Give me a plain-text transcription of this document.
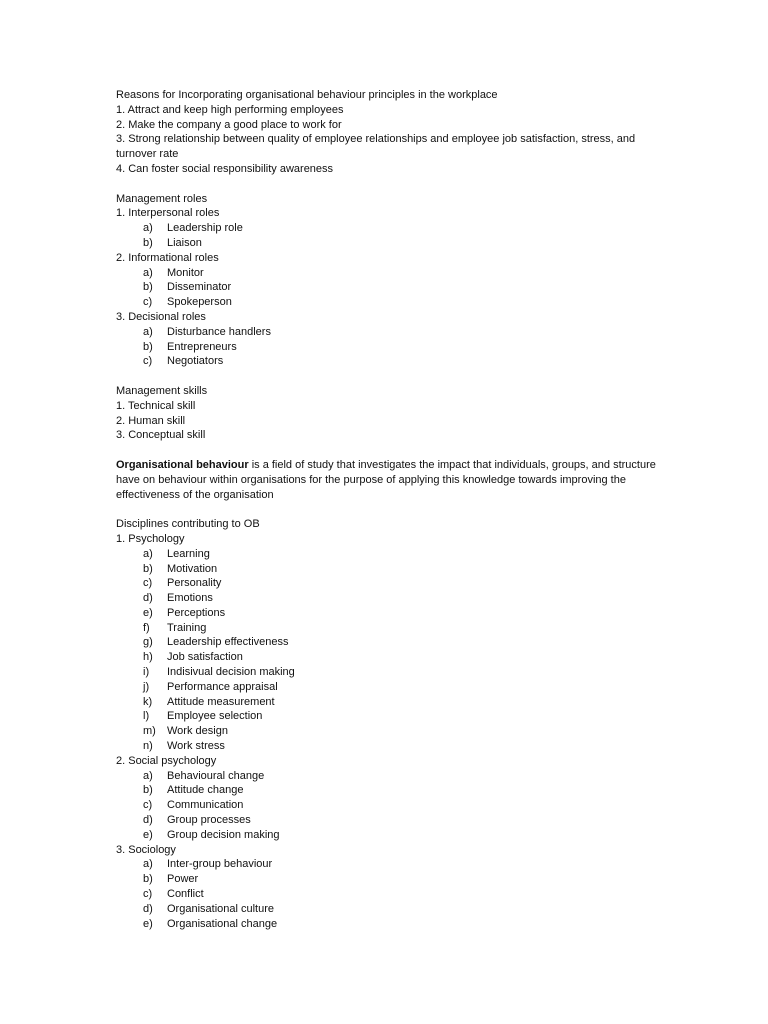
Reasons for Incorporating organisational behaviour principles in the workplace
1. Attract and keep high performing employees
2. Make the company a good place to work for
3. Strong relationship between quality of employee relationships and employee job satisfaction, stress, and turnover rate
4. Can foster social responsibility awareness
Management roles
1. Interpersonal roles
a)	Leadership role
b)	Liaison
2. Informational roles
a)	Monitor
b)	Disseminator
c)	Spokeperson
3. Decisional roles
a)	Disturbance handlers
b)	Entrepreneurs
c)	Negotiators
Management skills
1. Technical skill
2. Human skill
3. Conceptual skill

Organisational behaviour is a field of study that investigates the impact that individuals, groups, and structure have on behaviour within organisations for the purpose of applying this knowledge towards improving the effectiveness of the organisation

Disciplines contributing to OB
1. Psychology
a)	Learning
b)	Motivation
c)	Personality
d)	Emotions
e)	Perceptions
f)	Training
g)	Leadership effectiveness
h)	Job satisfaction
i)	Indisivual decision making
j)	Performance appraisal
k)	Attitude measurement
l)	Employee selection
m)	Work design
n)	Work stress
2. Social psychology
a)	Behavioural change
b)	Attitude change
c)	Communication
d)	Group processes
e)	Group decision making
3. Sociology
a)	Inter-group behaviour
b)	Power
c)	Conflict
d)	Organisational culture
e)	Organisational change
